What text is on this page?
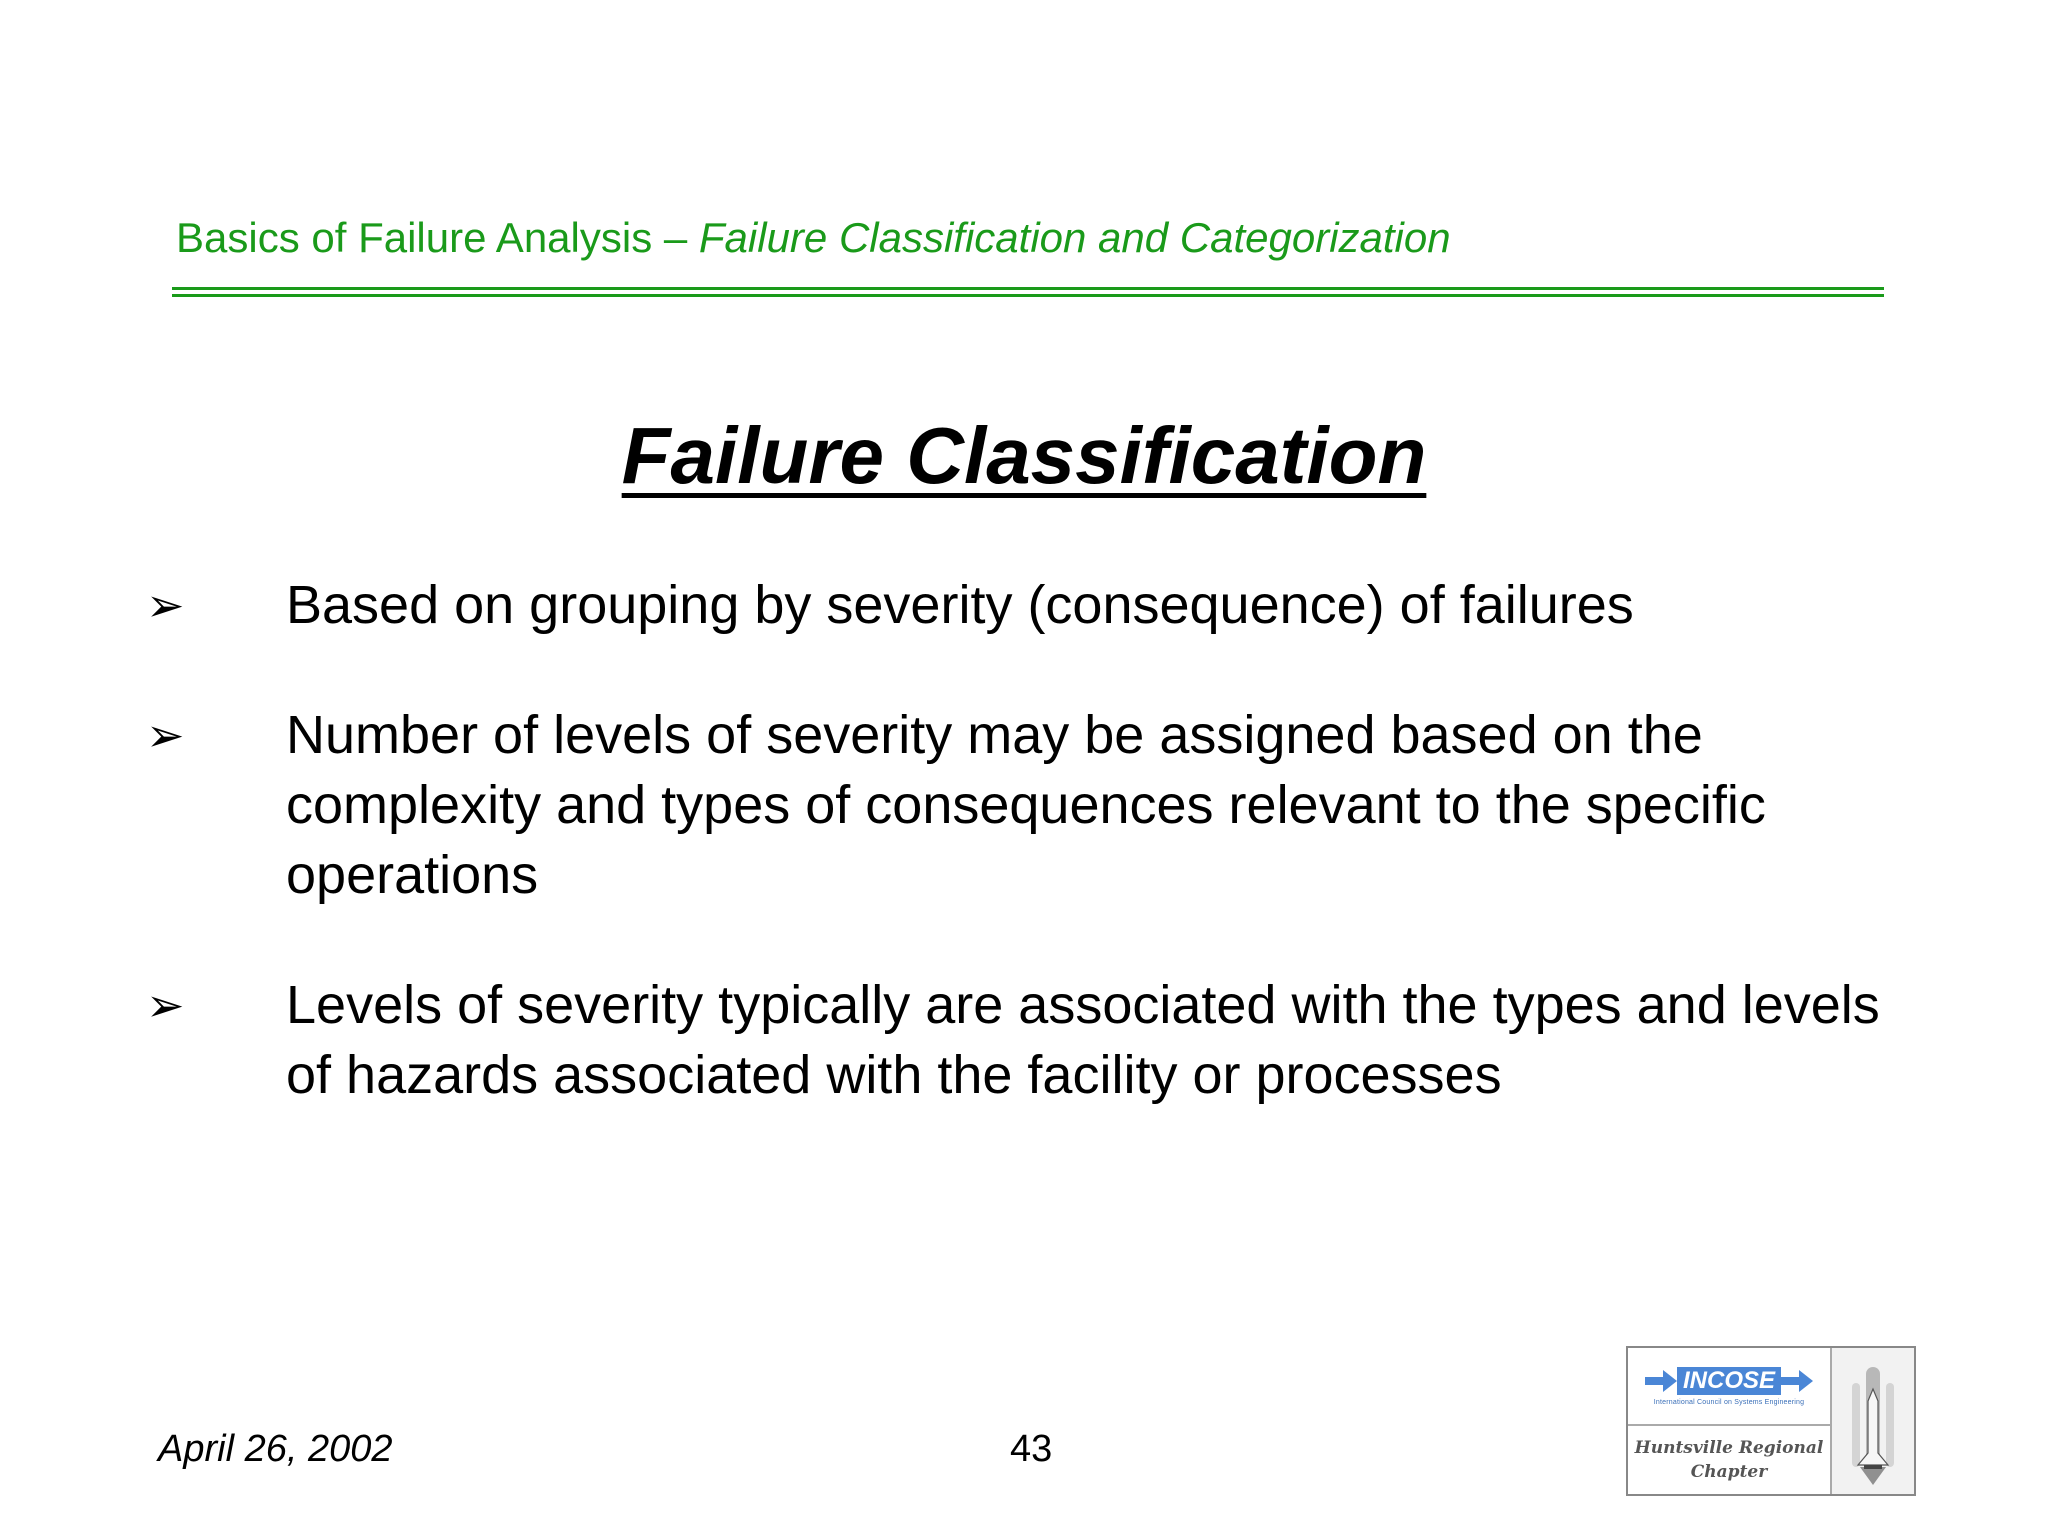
Basics of Failure Analysis – Failure Classification and Categorization
Failure Classification
➢	Based on grouping by severity (consequence) of failures
➢	Number of levels of severity may be assigned based on the complexity and types of consequences relevant to the specific operations
➢	Levels of severity typically are associated with the types and levels of hazards associated with the facility or processes
April 26, 2002	43
INCOSE
International Council on Systems Engineering
Huntsville Regional
Chapter
